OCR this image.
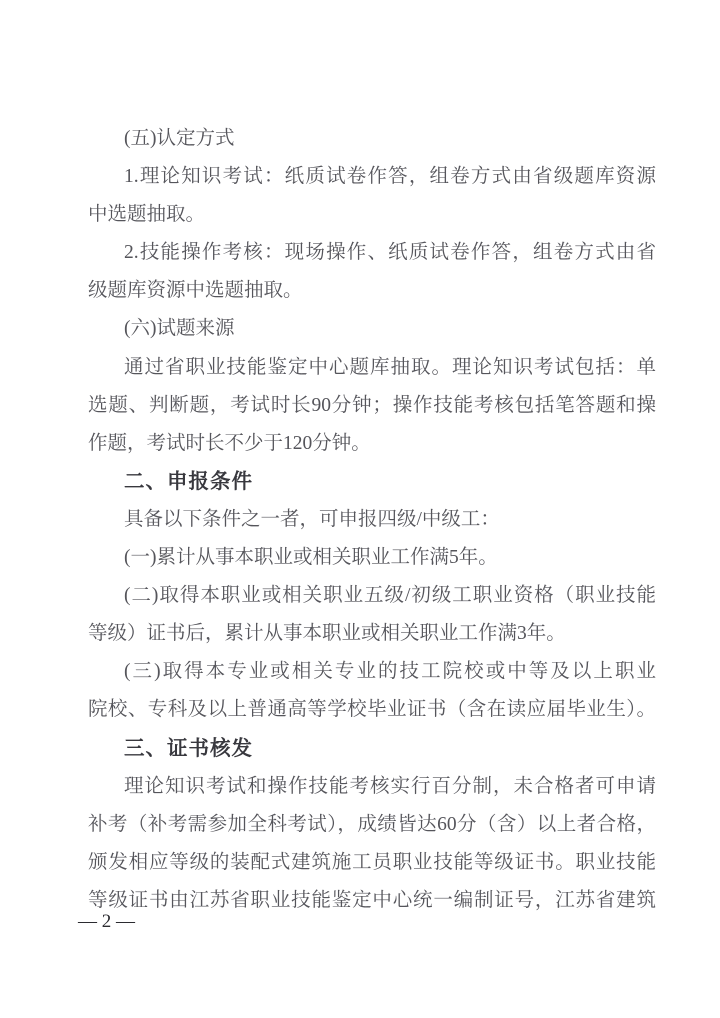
(五)认定方式
1.理论知识考试：纸质试卷作答，组卷方式由省级题库资源
中选题抽取。
2.技能操作考核：现场操作、纸质试卷作答，组卷方式由省
级题库资源中选题抽取。
(六)试题来源
通过省职业技能鉴定中心题库抽取。理论知识考试包括：单
选题、判断题，考试时长90分钟；操作技能考核包括笔答题和操
作题，考试时长不少于120分钟。
二、申报条件
具备以下条件之一者，可申报四级/中级工：
(一)累计从事本职业或相关职业工作满5年。
(二)取得本职业或相关职业五级/初级工职业资格（职业技能
等级）证书后，累计从事本职业或相关职业工作满3年。
(三)取得本专业或相关专业的技工院校或中等及以上职业
院校、专科及以上普通高等学校毕业证书（含在读应届毕业生）。
三、证书核发
理论知识考试和操作技能考核实行百分制，未合格者可申请
补考（补考需参加全科考试），成绩皆达60分（含）以上者合格，
颁发相应等级的装配式建筑施工员职业技能等级证书。职业技能
等级证书由江苏省职业技能鉴定中心统一编制证号，江苏省建筑
— 2 —
